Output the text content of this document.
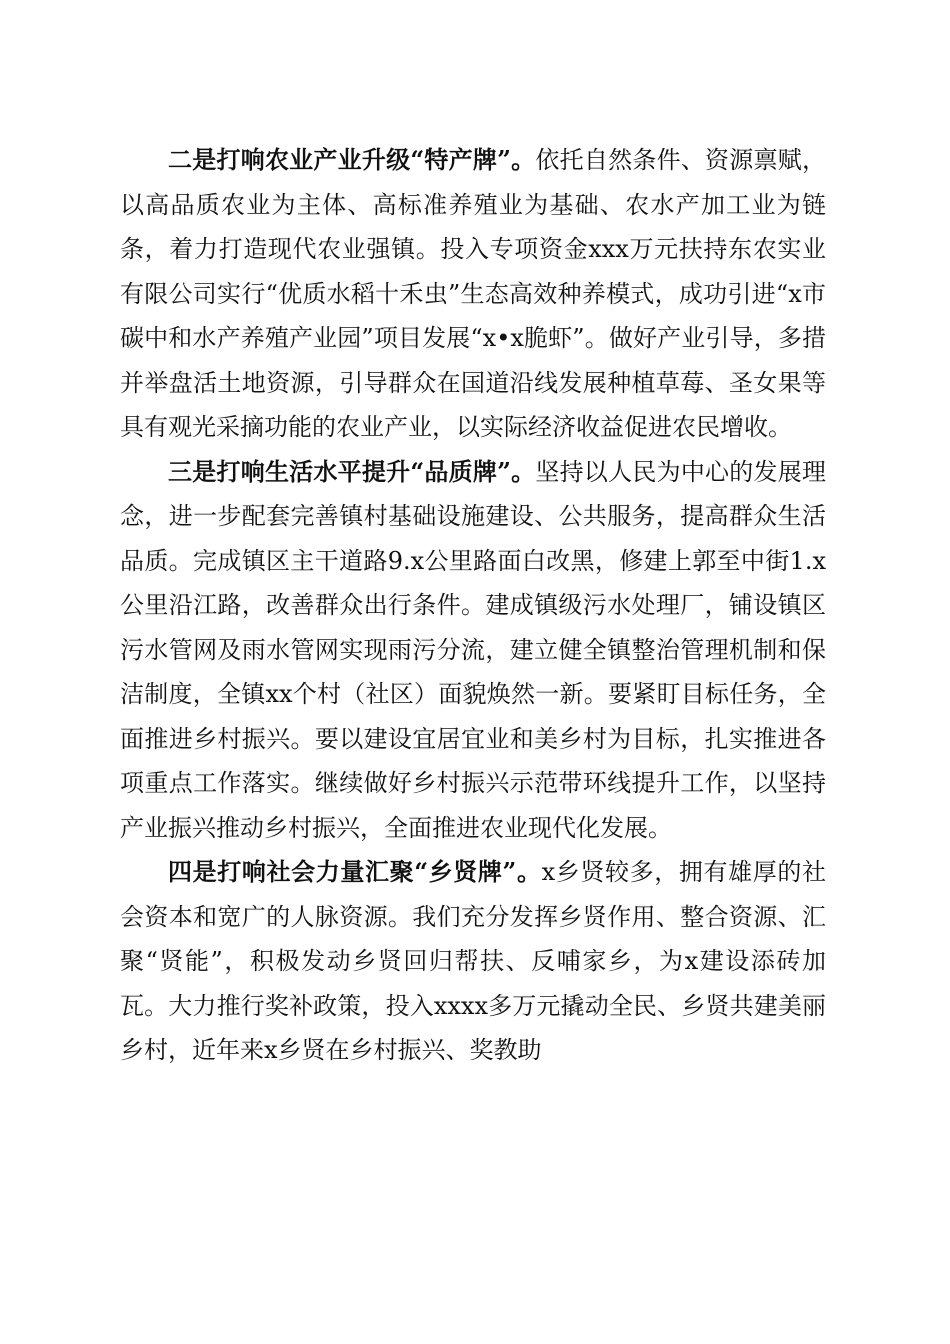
二是打响农业产业升级“特产牌”。依托自然条件、资源禀赋，以高品质农业为主体、高标准养殖业为基础、农水产加工业为链条，着力打造现代农业强镇。投入专项资金xxx万元扶持东农实业有限公司实行“优质水稻十禾虫”生态高效种养模式，成功引进“x市碳中和水产养殖产业园”项目发展“x•x脆虾”。做好产业引导，多措并举盘活土地资源，引导群众在国道沿线发展种植草莓、圣女果等具有观光采摘功能的农业产业，以实际经济收益促进农民增收。

三是打响生活水平提升“品质牌”。坚持以人民为中心的发展理念，进一步配套完善镇村基础设施建设、公共服务，提高群众生活品质。完成镇区主干道路9.x公里路面白改黑，修建上郭至中街1.x公里沿江路，改善群众出行条件。建成镇级污水处理厂，铺设镇区污水管网及雨水管网实现雨污分流，建立健全镇整治管理机制和保洁制度，全镇xx个村（社区）面貌焕然一新。要紧盯目标任务，全面推进乡村振兴。要以建设宜居宜业和美乡村为目标，扎实推进各项重点工作落实。继续做好乡村振兴示范带环线提升工作，以坚持产业振兴推动乡村振兴，全面推进农业现代化发展。

四是打响社会力量汇聚“乡贤牌”。x乡贤较多，拥有雄厚的社会资本和宽广的人脉资源。我们充分发挥乡贤作用、整合资源、汇聚“贤能”，积极发动乡贤回归帮扶、反哺家乡，为x建设添砖加瓦。大力推行奖补政策，投入xxxx多万元撬动全民、乡贤共建美丽乡村，近年来x乡贤在乡村振兴、奖教助
